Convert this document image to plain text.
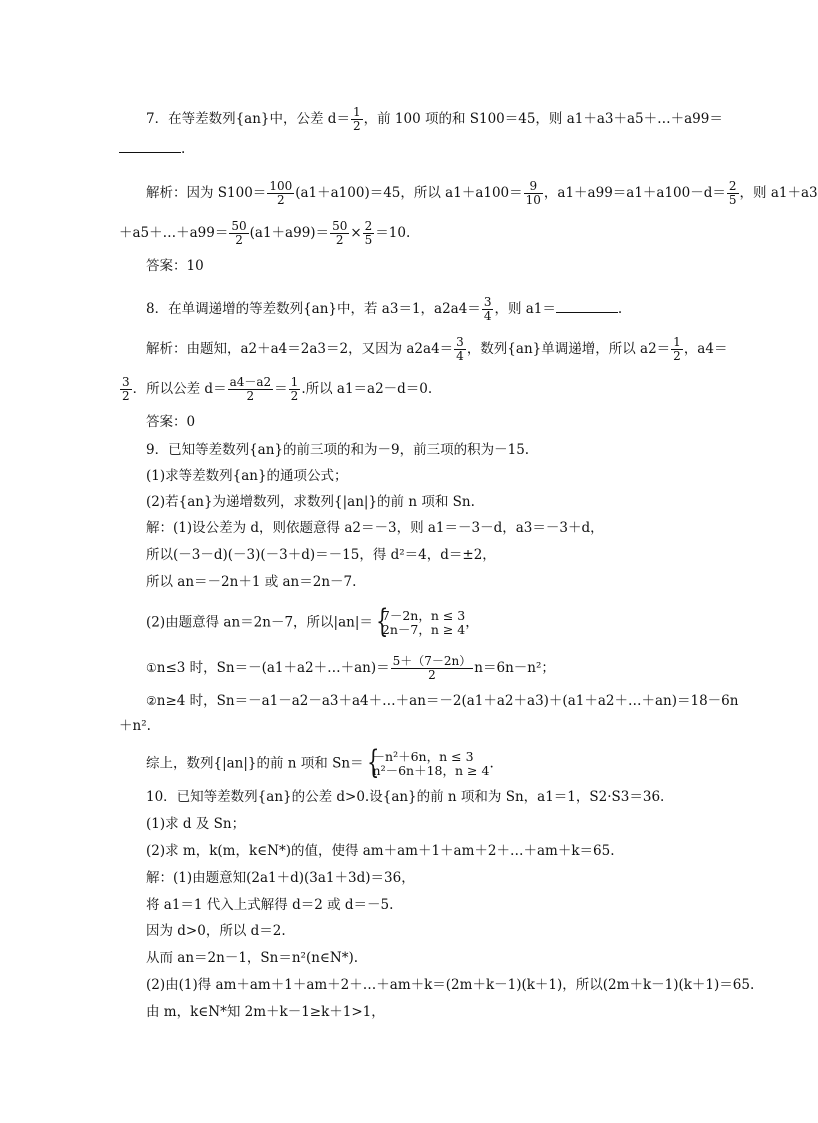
7．在等差数列{an}中，公差 $d= \frac{1}{2}$ ，前 100 项的和 S100＝45，则 a1＋a3＋a5＋…＋a99＝
.
解析：因为 $S100= \frac{100}{2} (a1+a100)=45$，所以 $a1+a100= \frac{9}{10}$ ，$a1+a99=a1+a100-d= \frac{2}{5}$ ，则 a1＋a3
＋a5＋…＋a99＝ $\frac{50}{2} (a1+a99)= \frac{50}{2} \times \frac{2}{5} =10$.
答案：10
8．在单调递增的等差数列{an}中，若 a3＝1，$a2a4= \frac{3}{4}$ ，则 a1＝	.
解析：由题知，a2＋a4＝2a3＝2，又因为 $a2a4= \frac{3}{4}$ ，数列{an}单调递增，所以 $a2= \frac{1}{2}$ ，a4＝
$\frac{3}{2}$ ．所以公差 $d= \frac{a4-a2}{2} = \frac{1}{2}$ .所以 a1＝a2－d＝0.
答案：0
9．已知等差数列{an}的前三项的和为－9，前三项的积为－15.
(1)求等差数列{an}的通项公式；
(2)若{an}为递增数列，求数列{|an|}的前 n 项和 Sn.
解：(1)设公差为 d，则依题意得 a2＝－3，则 a1＝－3－d，a3＝－3＋d，
所以(－3－d)(－3)(－3＋d)＝－15，得 d²＝4，d＝±2，
所以 an＝－2n＋1 或 an＝2n－7.
(2)由题意得 an＝2n－7，所以|an|＝ { 7－2n，n ≤ 3
2n－7，n ≥ 4 ，
①n≤3 时，Sn＝－(a1＋a2＋…＋an)＝ $\frac{5+(7-2n)}{2} n=6n-n^2$；
②n≥4 时，Sn＝－a1－a2－a3＋a4＋…＋an＝－2(a1＋a2＋a3)＋(a1＋a2＋…＋an)＝18－6n
＋n².
综上，数列{|an|}的前 n 项和 Sn＝ { －n²＋6n，n ≤ 3
n²－6n＋18，n ≥ 4 .
10．已知等差数列{an}的公差 d>0.设{an}的前 n 项和为 Sn，a1＝1，S2·S3＝36.
(1)求 d 及 Sn；
(2)求 m，k(m，k∈N*)的值，使得 am＋am＋1＋am＋2＋…＋am＋k＝65.
解：(1)由题意知(2a1＋d)(3a1＋3d)＝36，
将 a1＝1 代入上式解得 d＝2 或 d＝－5.
因为 d>0，所以 d＝2.
从而 an＝2n－1，Sn＝n²(n∈N*).
(2)由(1)得 am＋am＋1＋am＋2＋…＋am＋k＝(2m＋k－1)(k＋1)，所以(2m＋k－1)(k＋1)＝65.
由 m，k∈N*知 2m＋k－1≥k＋1>1，
